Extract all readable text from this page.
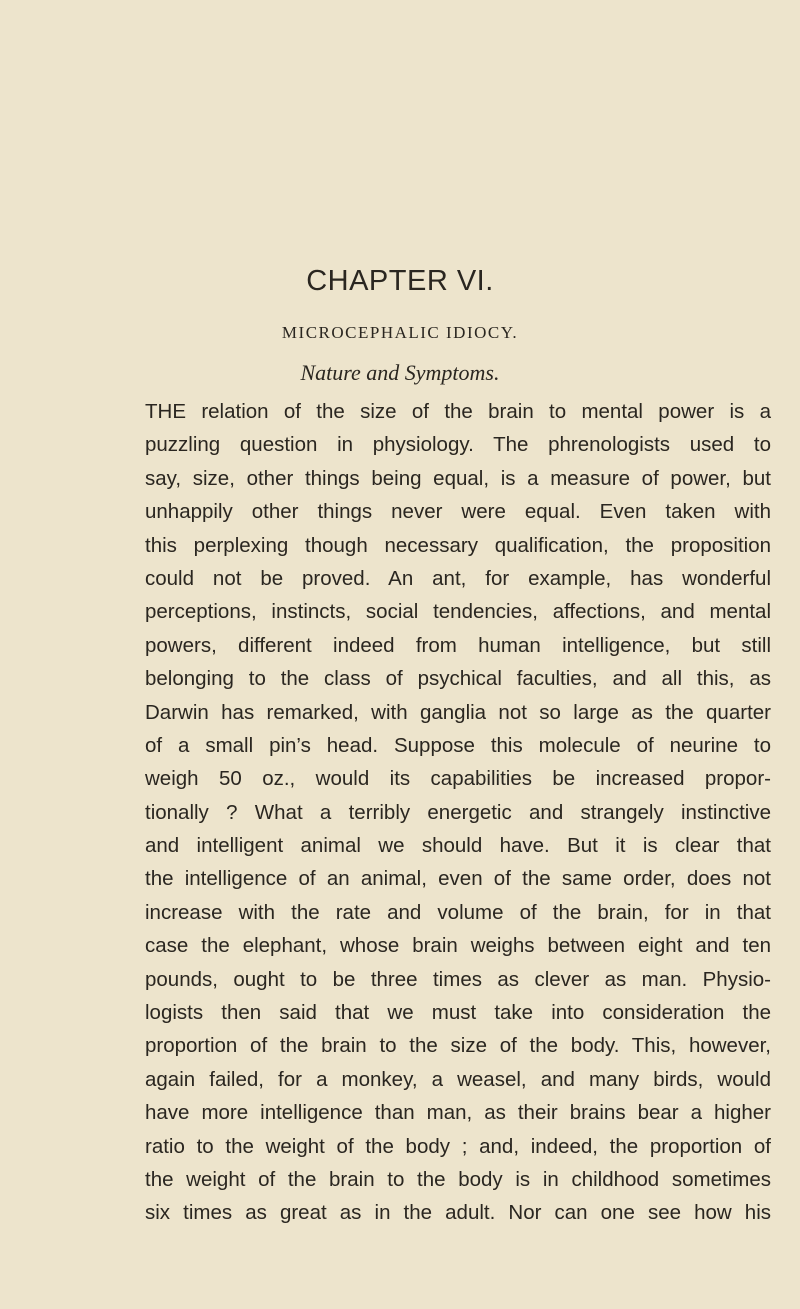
CHAPTER VI.
MICROCEPHALIC IDIOCY.
Nature and Symptoms.
THE relation of the size of the brain to mental power is a
puzzling question in physiology. The phrenologists used to
say, size, other things being equal, is a measure of power, but
unhappily other things never were equal. Even taken with
this perplexing though necessary qualification, the proposition
could not be proved. An ant, for example, has wonderful
perceptions, instincts, social tendencies, affections, and mental
powers, different indeed from human intelligence, but still
belonging to the class of psychical faculties, and all this, as
Darwin has remarked, with ganglia not so large as the quarter
of a small pin’s head. Suppose this molecule of neurine to
weigh 50 oz., would its capabilities be increased propor-
tionally ? What a terribly energetic and strangely instinctive
and intelligent animal we should have. But it is clear that
the intelligence of an animal, even of the same order, does not
increase with the rate and volume of the brain, for in that
case the elephant, whose brain weighs between eight and ten
pounds, ought to be three times as clever as man. Physio-
logists then said that we must take into consideration the
proportion of the brain to the size of the body. This, however,
again failed, for a monkey, a weasel, and many birds, would
have more intelligence than man, as their brains bear a higher
ratio to the weight of the body ; and, indeed, the proportion of
the weight of the brain to the body is in childhood sometimes
six times as great as in the adult. Nor can one see how his
